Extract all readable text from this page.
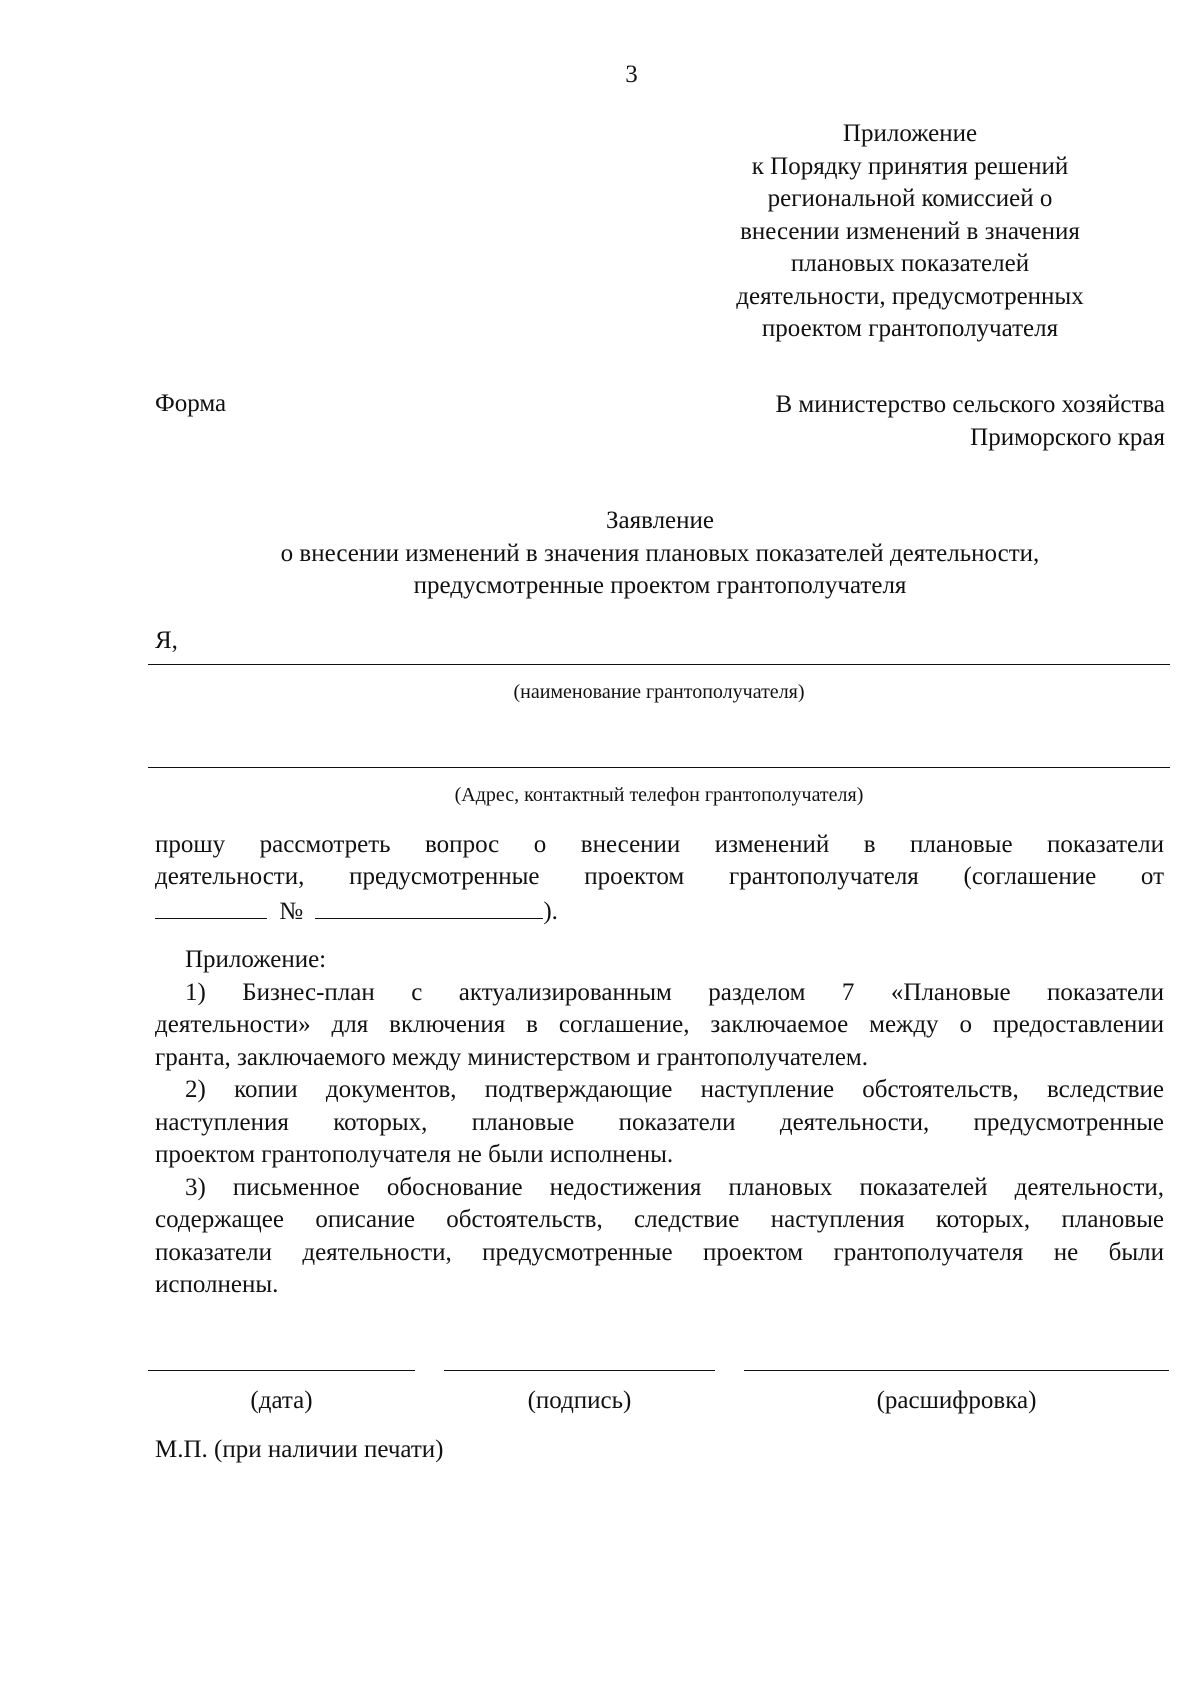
3
Приложение
к Порядку принятия решений
региональной комиссией о
внесении изменений в значения
плановых показателей
деятельности, предусмотренных
проектом грантополучателя
Форма	В министерство сельского хозяйства
Приморского края
Заявление
о внесении изменений в значения плановых показателей деятельности,
предусмотренные проектом грантополучателя
Я,
(наименование грантополучателя)
(Адрес, контактный телефон грантополучателя)
прошу рассмотреть вопрос о внесении изменений в плановые показатели
деятельности, предусмотренные проектом грантополучателя (соглашение от
№	).
Приложение:
1) Бизнес-план с актуализированным разделом 7 «Плановые показатели
деятельности» для включения в соглашение, заключаемое между о предоставлении
гранта, заключаемого между министерством и грантополучателем.
2) копии документов, подтверждающие наступление обстоятельств, вследствие
наступления которых, плановые показатели деятельности, предусмотренные
проектом грантополучателя не были исполнены.
3) письменное обоснование недостижения плановых показателей деятельности,
содержащее описание обстоятельств, следствие наступления которых, плановые
показатели деятельности, предусмотренные проектом грантополучателя не были
исполнены.
(дата)	(подпись)	(расшифровка)
М.П. (при наличии печати)
